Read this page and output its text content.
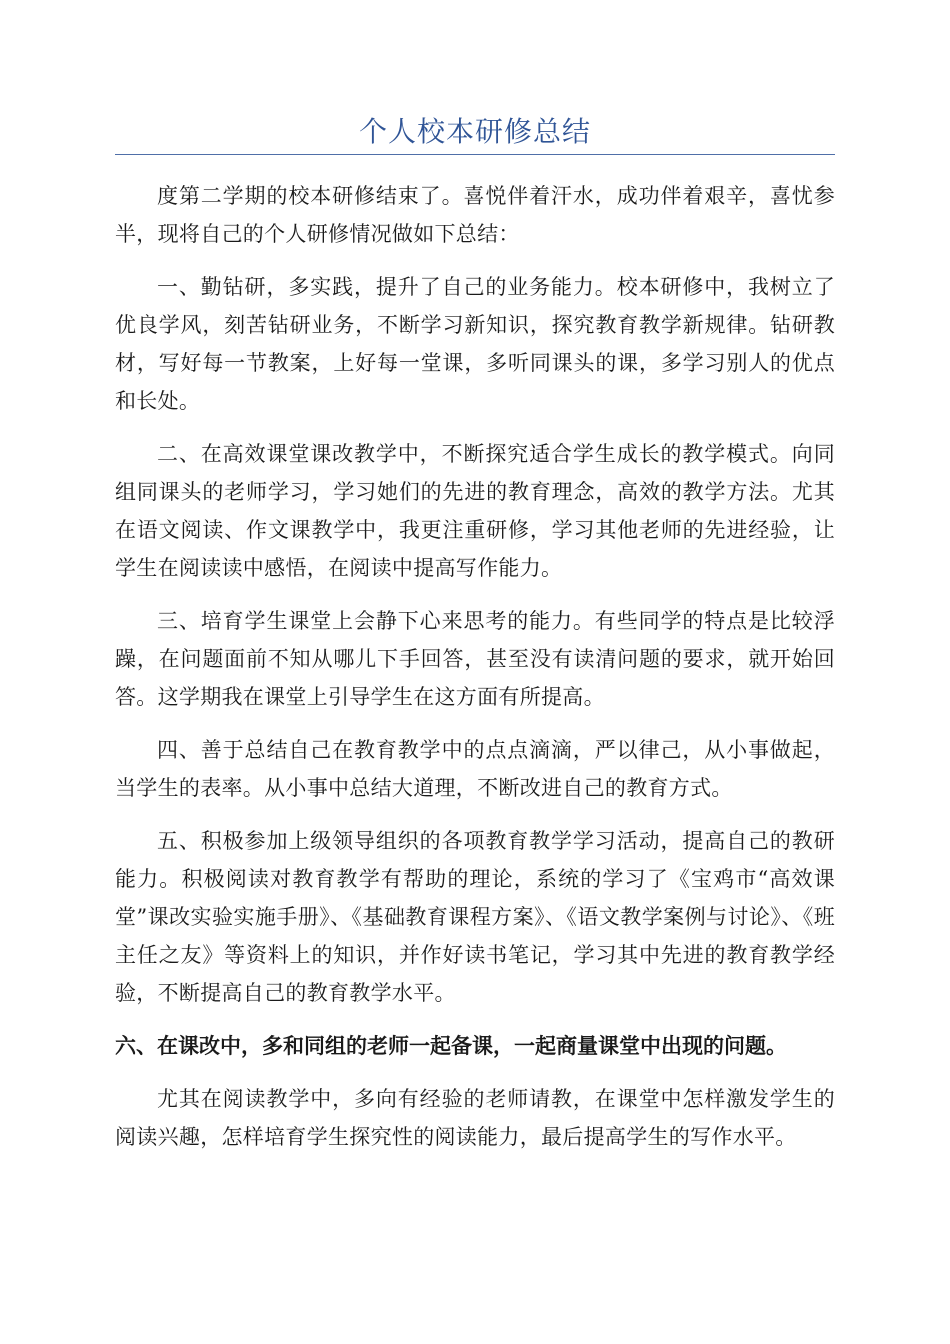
个人校本研修总结

度第二学期的校本研修结束了。喜悦伴着汗水，成功伴着艰辛，喜忧参半，现将自己的个人研修情况做如下总结：

一、勤钻研，多实践，提升了自己的业务能力。校本研修中，我树立了优良学风，刻苦钻研业务，不断学习新知识，探究教育教学新规律。钻研教材，写好每一节教案，上好每一堂课，多听同课头的课，多学习别人的优点和长处。

二、在高效课堂课改教学中，不断探究适合学生成长的教学模式。向同组同课头的老师学习，学习她们的先进的教育理念，高效的教学方法。尤其在语文阅读、作文课教学中，我更注重研修，学习其他老师的先进经验，让学生在阅读读中感悟，在阅读中提高写作能力。

三、培育学生课堂上会静下心来思考的能力。有些同学的特点是比较浮躁，在问题面前不知从哪儿下手回答，甚至没有读清问题的要求，就开始回答。这学期我在课堂上引导学生在这方面有所提高。

四、善于总结自己在教育教学中的点点滴滴，严以律己，从小事做起，当学生的表率。从小事中总结大道理，不断改进自己的教育方式。

五、积极参加上级领导组织的各项教育教学学习活动，提高自己的教研能力。积极阅读对教育教学有帮助的理论，系统的学习了《宝鸡市“高效课堂”课改实验实施手册》、《基础教育课程方案》、《语文教学案例与讨论》、《班主任之友》等资料上的知识，并作好读书笔记，学习其中先进的教育教学经验，不断提高自己的教育教学水平。

六、在课改中，多和同组的老师一起备课，一起商量课堂中出现的问题。

尤其在阅读教学中，多向有经验的老师请教，在课堂中怎样激发学生的阅读兴趣，怎样培育学生探究性的阅读能力，最后提高学生的写作水平。
